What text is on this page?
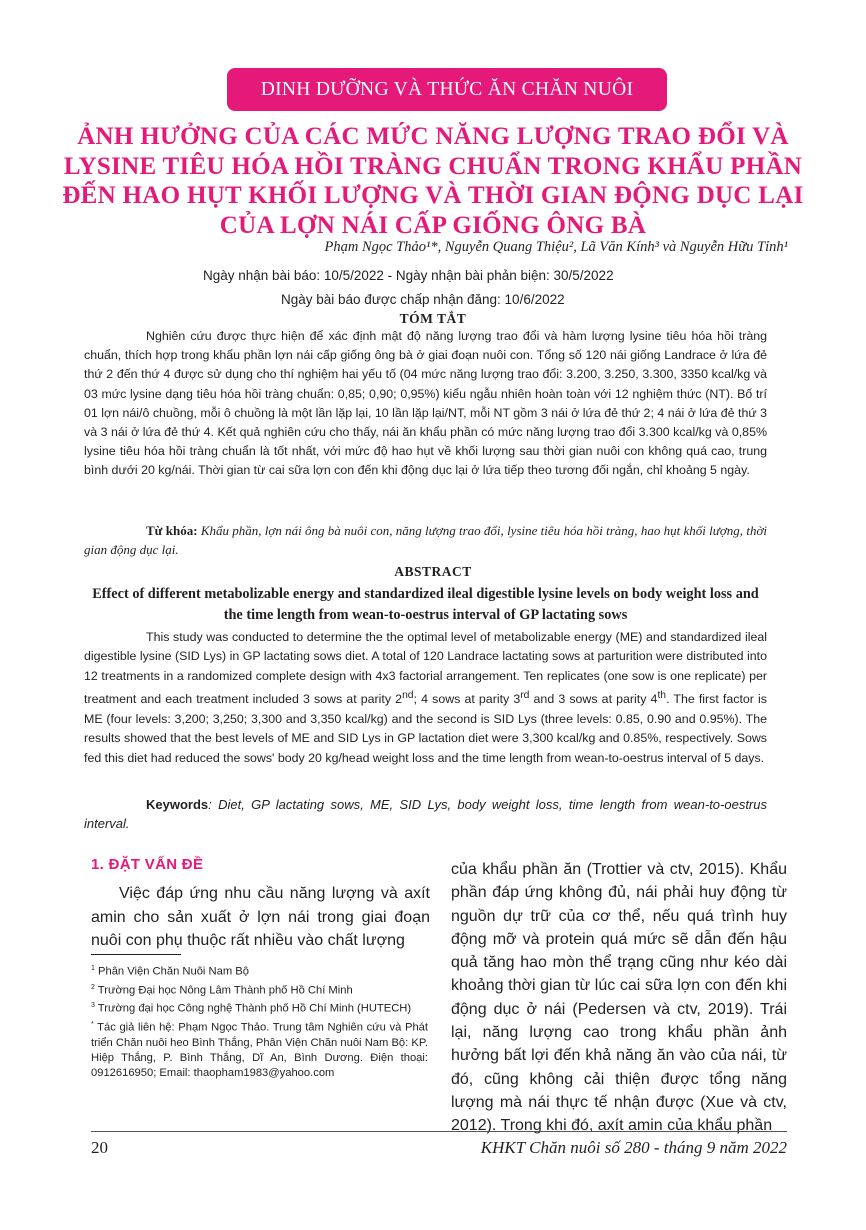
DINH DƯỠNG VÀ THỨC ĂN CHĂN NUÔI
ẢNH HƯỞNG CỦA CÁC MỨC NĂNG LƯỢNG TRAO ĐỔI VÀ
LYSINE TIÊU HÓA HỒI TRÀNG CHUẨN TRONG KHẨU PHẦN
ĐẾN HAO HỤT KHỐI LƯỢNG VÀ THỜI GIAN ĐỘNG DỤC LẠI
CỦA LỢN NÁI CẤP GIỐNG ÔNG BÀ
Phạm Ngọc Thảo¹*, Nguyễn Quang Thiệu², Lã Văn Kính³ và Nguyễn Hữu Tỉnh¹
Ngày nhận bài báo: 10/5/2022 - Ngày nhận bài phản biện: 30/5/2022
Ngày bài báo được chấp nhận đăng: 10/6/2022
TÓM TẮT

Nghiên cứu được thực hiện để xác định mật độ năng lượng trao đổi và hàm lượng lysine tiêu hóa hồi tràng chuẩn, thích hợp trong khẩu phần lợn nái cấp giống ông bà ở giai đoạn nuôi con. Tổng số 120 nái giống Landrace ở lứa đẻ thứ 2 đến thứ 4 được sử dụng cho thí nghiệm hai yếu tố (04 mức năng lượng trao đổi: 3.200, 3.250, 3.300, 3350 kcal/kg và 03 mức lysine dạng tiêu hóa hồi tràng chuẩn: 0,85; 0,90; 0,95%) kiểu ngẫu nhiên hoàn toàn với 12 nghiệm thức (NT). Bố trí 01 lợn nái/ô chuồng, mỗi ô chuồng là một lần lặp lại, 10 lần lặp lại/NT, mỗi NT gồm 3 nái ở lứa đẻ thứ 2; 4 nái ở lứa đẻ thứ 3 và 3 nái ở lứa đẻ thứ 4. Kết quả nghiên cứu cho thấy, nái ăn khẩu phần có mức năng lượng trao đổi 3.300 kcal/kg và 0,85% lysine tiêu hóa hồi tràng chuẩn là tốt nhất, với mức độ hao hụt về khối lượng sau thời gian nuôi con không quá cao, trung bình dưới 20 kg/nái. Thời gian từ cai sữa lợn con đến khi động dục lại ở lứa tiếp theo tương đối ngắn, chỉ khoảng 5 ngày.

Từ khóa: Khẩu phần, lợn nái ông bà nuôi con, năng lượng trao đổi, lysine tiêu hóa hồi tràng, hao hụt khối lượng, thời gian động dục lại.

ABSTRACT
Effect of different metabolizable energy and standardized ileal digestible lysine levels on body weight loss and the time length from wean-to-oestrus interval of GP lactating sows

This study was conducted to determine the the optimal level of metabolizable energy (ME) and standardized ileal digestible lysine (SID Lys) in GP lactating sows diet. A total of 120 Landrace lactating sows at parturition were distributed into 12 treatments in a randomized complete design with 4x3 factorial arrangement. Ten replicates (one sow is one replicate) per treatment and each treatment included 3 sows at parity 2nd; 4 sows at parity 3rd and 3 sows at parity 4th. The first factor is ME (four levels: 3,200; 3,250; 3,300 and 3,350 kcal/kg) and the second is SID Lys (three levels: 0.85, 0.90 and 0.95%). The results showed that the best levels of ME and SID Lys in GP lactation diet were 3,300 kcal/kg and 0.85%, respectively. Sows fed this diet had reduced the sows' body 20 kg/head weight loss and the time length from wean-to-oestrus interval of 5 days.

Keywords: Diet, GP lactating sows, ME, SID Lys, body weight loss, time length from wean-to-oestrus interval.

1. ĐẶT VẤN ĐỀ
Việc đáp ứng nhu cầu năng lượng và axít amin cho sản xuất ở lợn nái trong giai đoạn nuôi con phụ thuộc rất nhiều vào chất lượng
của khẩu phần ăn (Trottier và ctv, 2015). Khẩu phần đáp ứng không đủ, nái phải huy động từ nguồn dự trữ của cơ thể, nếu quá trình huy động mỡ và protein quá mức sẽ dẫn đến hậu quả tăng hao mòn thể trạng cũng như kéo dài khoảng thời gian từ lúc cai sữa lợn con đến khi động dục ở nái (Pedersen và ctv, 2019). Trái lại, năng lượng cao trong khẩu phần ảnh hưởng bất lợi đến khả năng ăn vào của nái, từ đó, cũng không cải thiện được tổng năng lượng mà nái thực tế nhận được (Xue và ctv, 2012). Trong khi đó, axít amin của khẩu phần

$^1$ Phân Viện Chăn Nuôi Nam Bộ

$^2$ Trường Đại học Nông Lâm Thành phố Hồ Chí Minh

$^3$ Trường đại học Công nghệ Thành phố Hồ Chí Minh (HUTECH)

* Tác giả liên hệ: Phạm Ngọc Thảo. Trung tâm Nghiên cứu và Phát triển Chăn nuôi heo Bình Thắng, Phân Viện Chăn nuôi Nam Bộ: KP. Hiệp Thắng, P. Bình Thắng, Dĩ An, Bình Dương. Điện thoại: 0912616950; Email: thaopham1983@yahoo.com

20	KHKT Chăn nuôi số 280 - tháng 9 năm 2022
